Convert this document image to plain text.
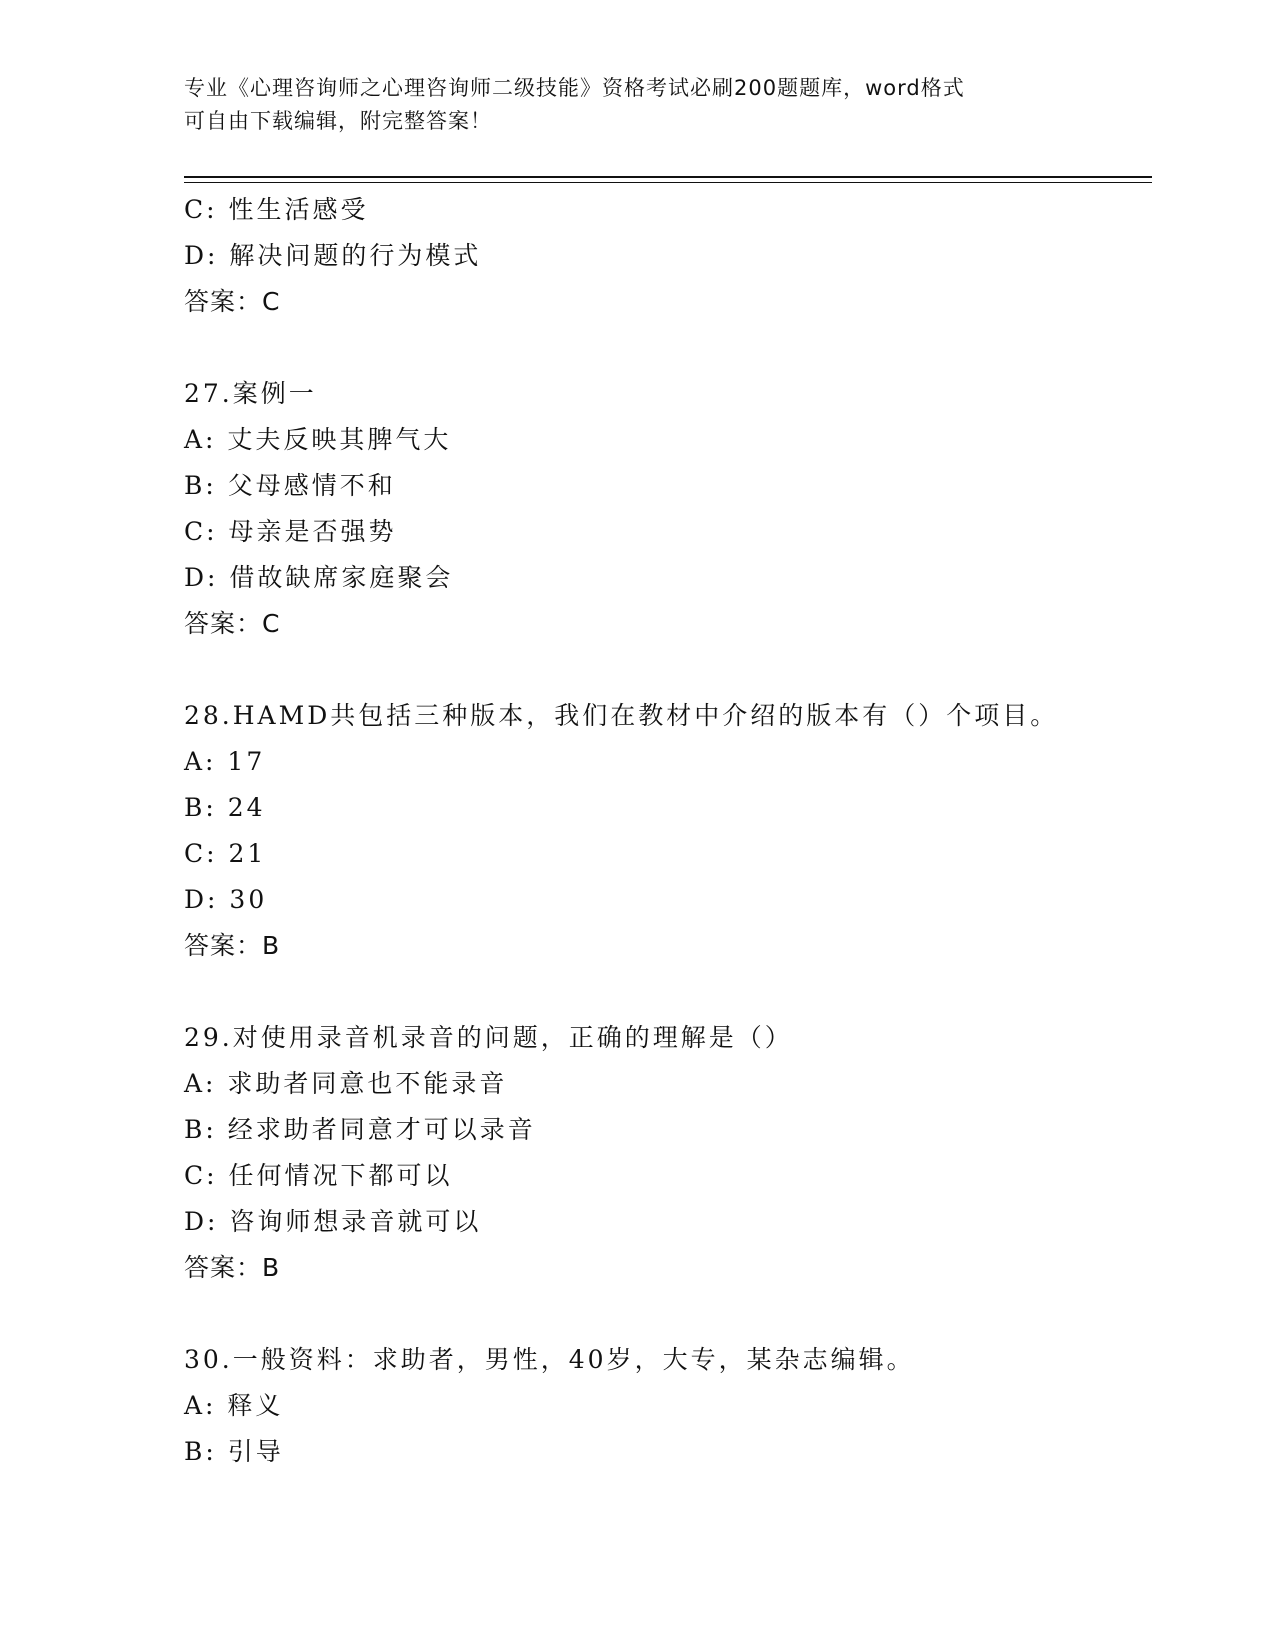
专业《心理咨询师之心理咨询师二级技能》资格考试必刷200题题库，word格式
可自由下载编辑，附完整答案！
C: 性生活感受
D: 解决问题的行为模式
答案：C
27.案例一
A: 丈夫反映其脾气大
B: 父母感情不和
C: 母亲是否强势
D: 借故缺席家庭聚会
答案：C
28.HAMD共包括三种版本，我们在教材中介绍的版本有（）个项目。
A: 17
B: 24
C: 21
D: 30
答案：B
29.对使用录音机录音的问题，正确的理解是（）
A: 求助者同意也不能录音
B: 经求助者同意才可以录音
C: 任何情况下都可以
D: 咨询师想录音就可以
答案：B
30.一般资料：求助者，男性，40岁，大专，某杂志编辑。
A: 释义
B: 引导
